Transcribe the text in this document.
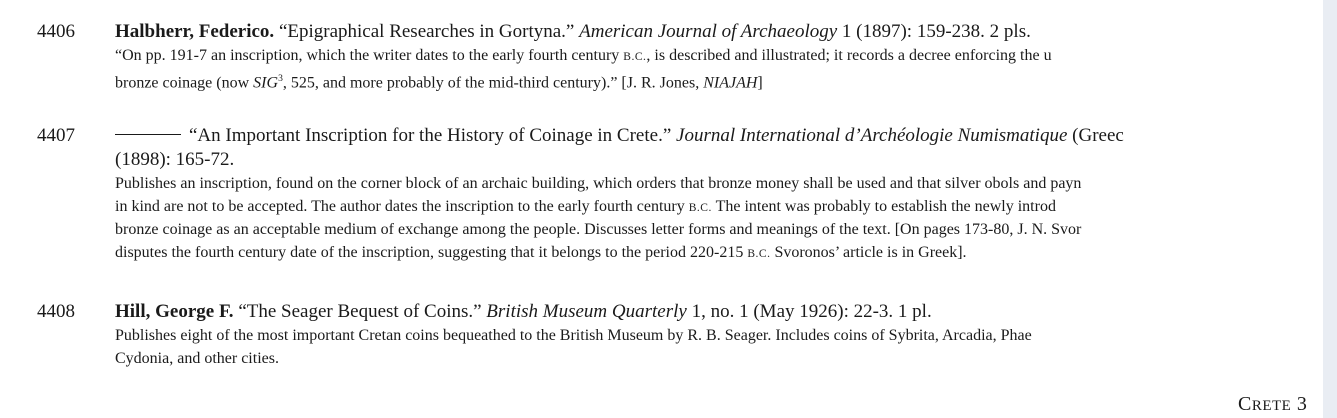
4406 Halbherr, Federico. “Epigraphical Researches in Gortyna.” American Journal of Archaeology 1 (1897): 159-238. 2 pls.
“On pp. 191-7 an inscription, which the writer dates to the early fourth century B.C., is described and illustrated; it records a decree enforcing the u
bronze coinage (now SIG$^3$, 525, and more probably of the mid-third century).” [J. R. Jones, NIAJAH]
4407	“An Important Inscription for the History of Coinage in Crete.” Journal International d’Archéologie Numismatique (Greec
(1898): 165-72.
Publishes an inscription, found on the corner block of an archaic building, which orders that bronze money shall be used and that silver obols and payn
in kind are not to be accepted. The author dates the inscription to the early fourth century B.C. The intent was probably to establish the newly introd
bronze coinage as an acceptable medium of exchange among the people. Discusses letter forms and meanings of the text. [On pages 173-80, J. N. Svor
disputes the fourth century date of the inscription, suggesting that it belongs to the period 220-215 B.C. Svoronos’ article is in Greek].
4408 Hill, George F. “The Seager Bequest of Coins.” British Museum Quarterly 1, no. 1 (May 1926): 22-3. 1 pl.
Publishes eight of the most important Cretan coins bequeathed to the British Museum by R. B. Seager. Includes coins of Sybrita, Arcadia, Phae
Cydonia, and other cities.
CRETE 3
